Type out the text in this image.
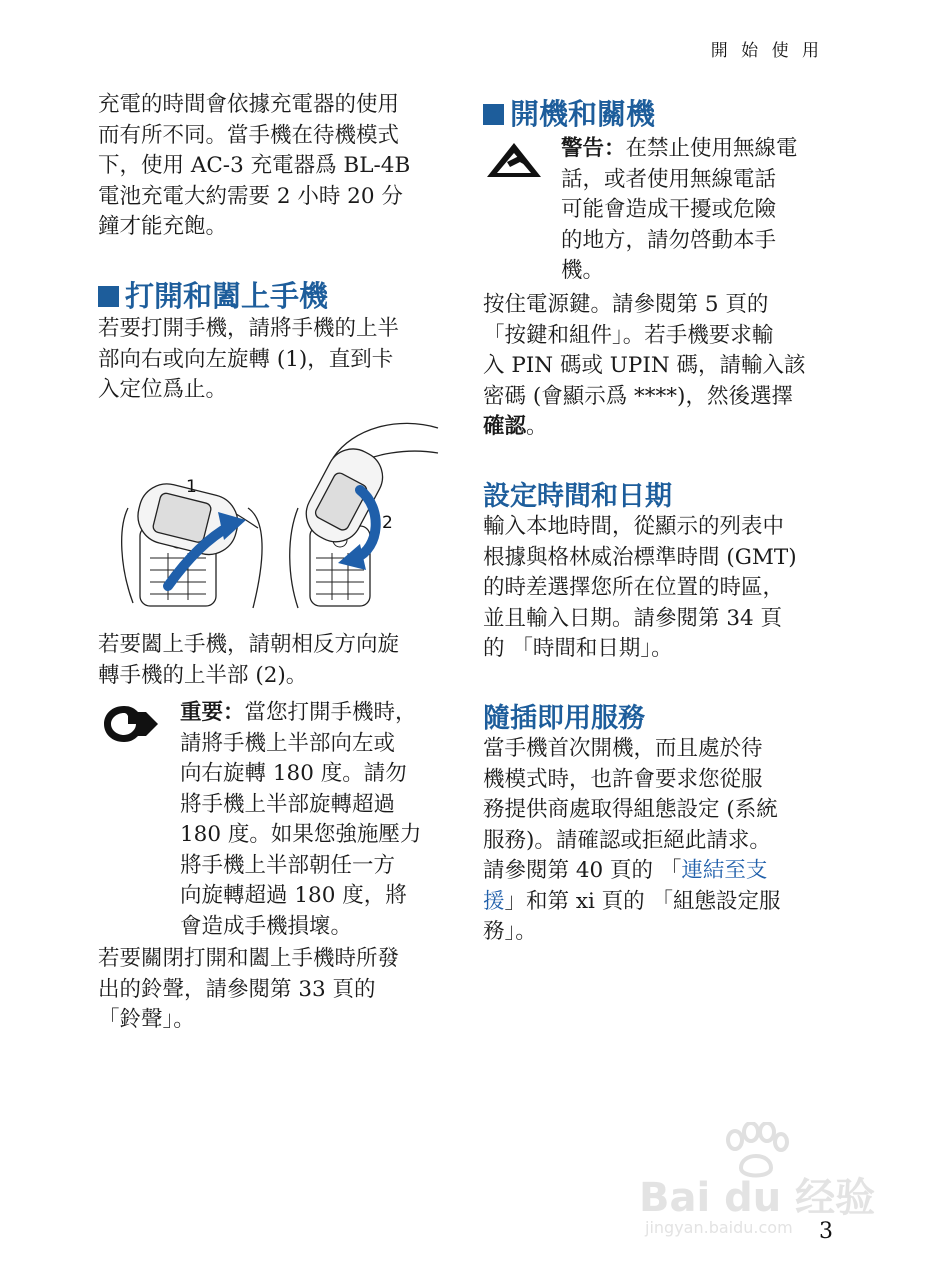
開 始 使 用

充電的時間會依據充電器的使用
而有所不同。當手機在待機模式
下，使用 AC-3 充電器爲 BL-4B
電池充電大約需要 2 小時 20 分
鐘才能充飽。

打開和闔上手機

若要打開手機，請將手機的上半
部向右或向左旋轉 (1)，直到卡
入定位爲止。

1
2

若要闔上手機，請朝相反方向旋
轉手機的上半部 (2)。

重要：當您打開手機時，
請將手機上半部向左或
向右旋轉 180 度。請勿
將手機上半部旋轉超過
180 度。如果您強施壓力
將手機上半部朝任一方
向旋轉超過 180 度，將
會造成手機損壞。

若要關閉打開和闔上手機時所發
出的鈴聲，請參閱第 33 頁的
「鈴聲」。

開機和關機

警告：在禁止使用無線電
話，或者使用無線電話
可能會造成干擾或危險
的地方，請勿啓動本手
機。

按住電源鍵。請參閱第 5 頁的
「按鍵和組件」。若手機要求輸
入 PIN 碼或 UPIN 碼，請輸入該
密碼 (會顯示爲 ****)，然後選擇
確認。

設定時間和日期

輸入本地時間，從顯示的列表中
根據與格林威治標準時間 (GMT)
的時差選擇您所在位置的時區，
並且輸入日期。請參閱第 34 頁
的 「時間和日期」。

隨插即用服務

當手機首次開機，而且處於待
機模式時，也許會要求您從服
務提供商處取得組態設定 (系統
服務)。請確認或拒絕此請求。
請參閱第 40 頁的 「連結至支
援」和第 xi 頁的 「組態設定服
務」。

Bai du 经验
jingyan.baidu.com 3
